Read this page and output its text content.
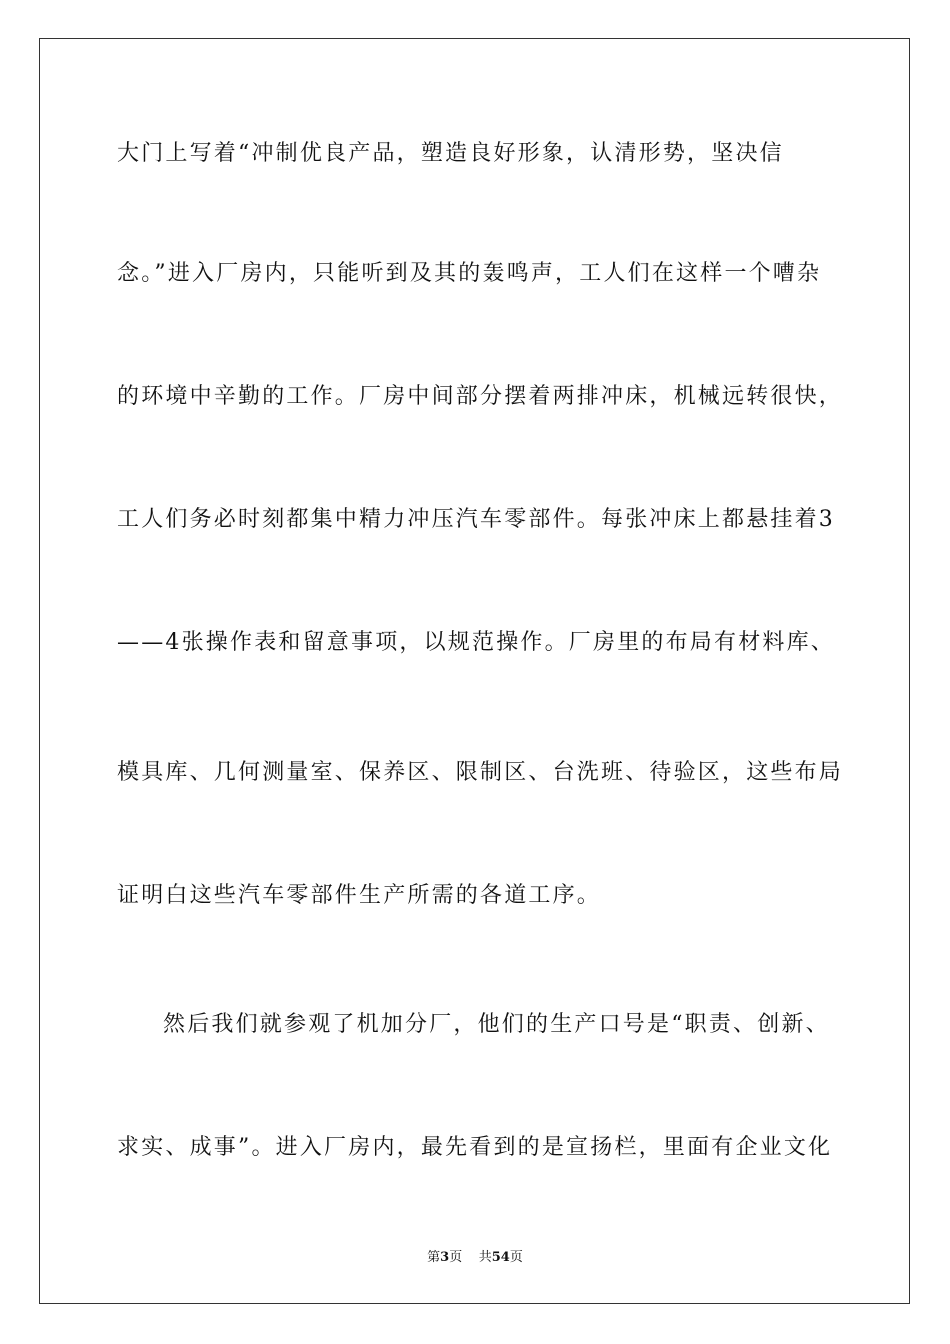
大门上写着“冲制优良产品，塑造良好形象，认清形势，坚决信
念。”进入厂房内，只能听到及其的轰鸣声，工人们在这样一个嘈杂
的环境中辛勤的工作。厂房中间部分摆着两排冲床，机械远转很快，
工人们务必时刻都集中精力冲压汽车零部件。每张冲床上都悬挂着3
——4张操作表和留意事项，以规范操作。厂房里的布局有材料库、
模具库、几何测量室、保养区、限制区、台洗班、待验区，这些布局
证明白这些汽车零部件生产所需的各道工序。
然后我们就参观了机加分厂，他们的生产口号是“职责、创新、
求实、成事”。进入厂房内，最先看到的是宣扬栏，里面有企业文化
第3页 共54页
